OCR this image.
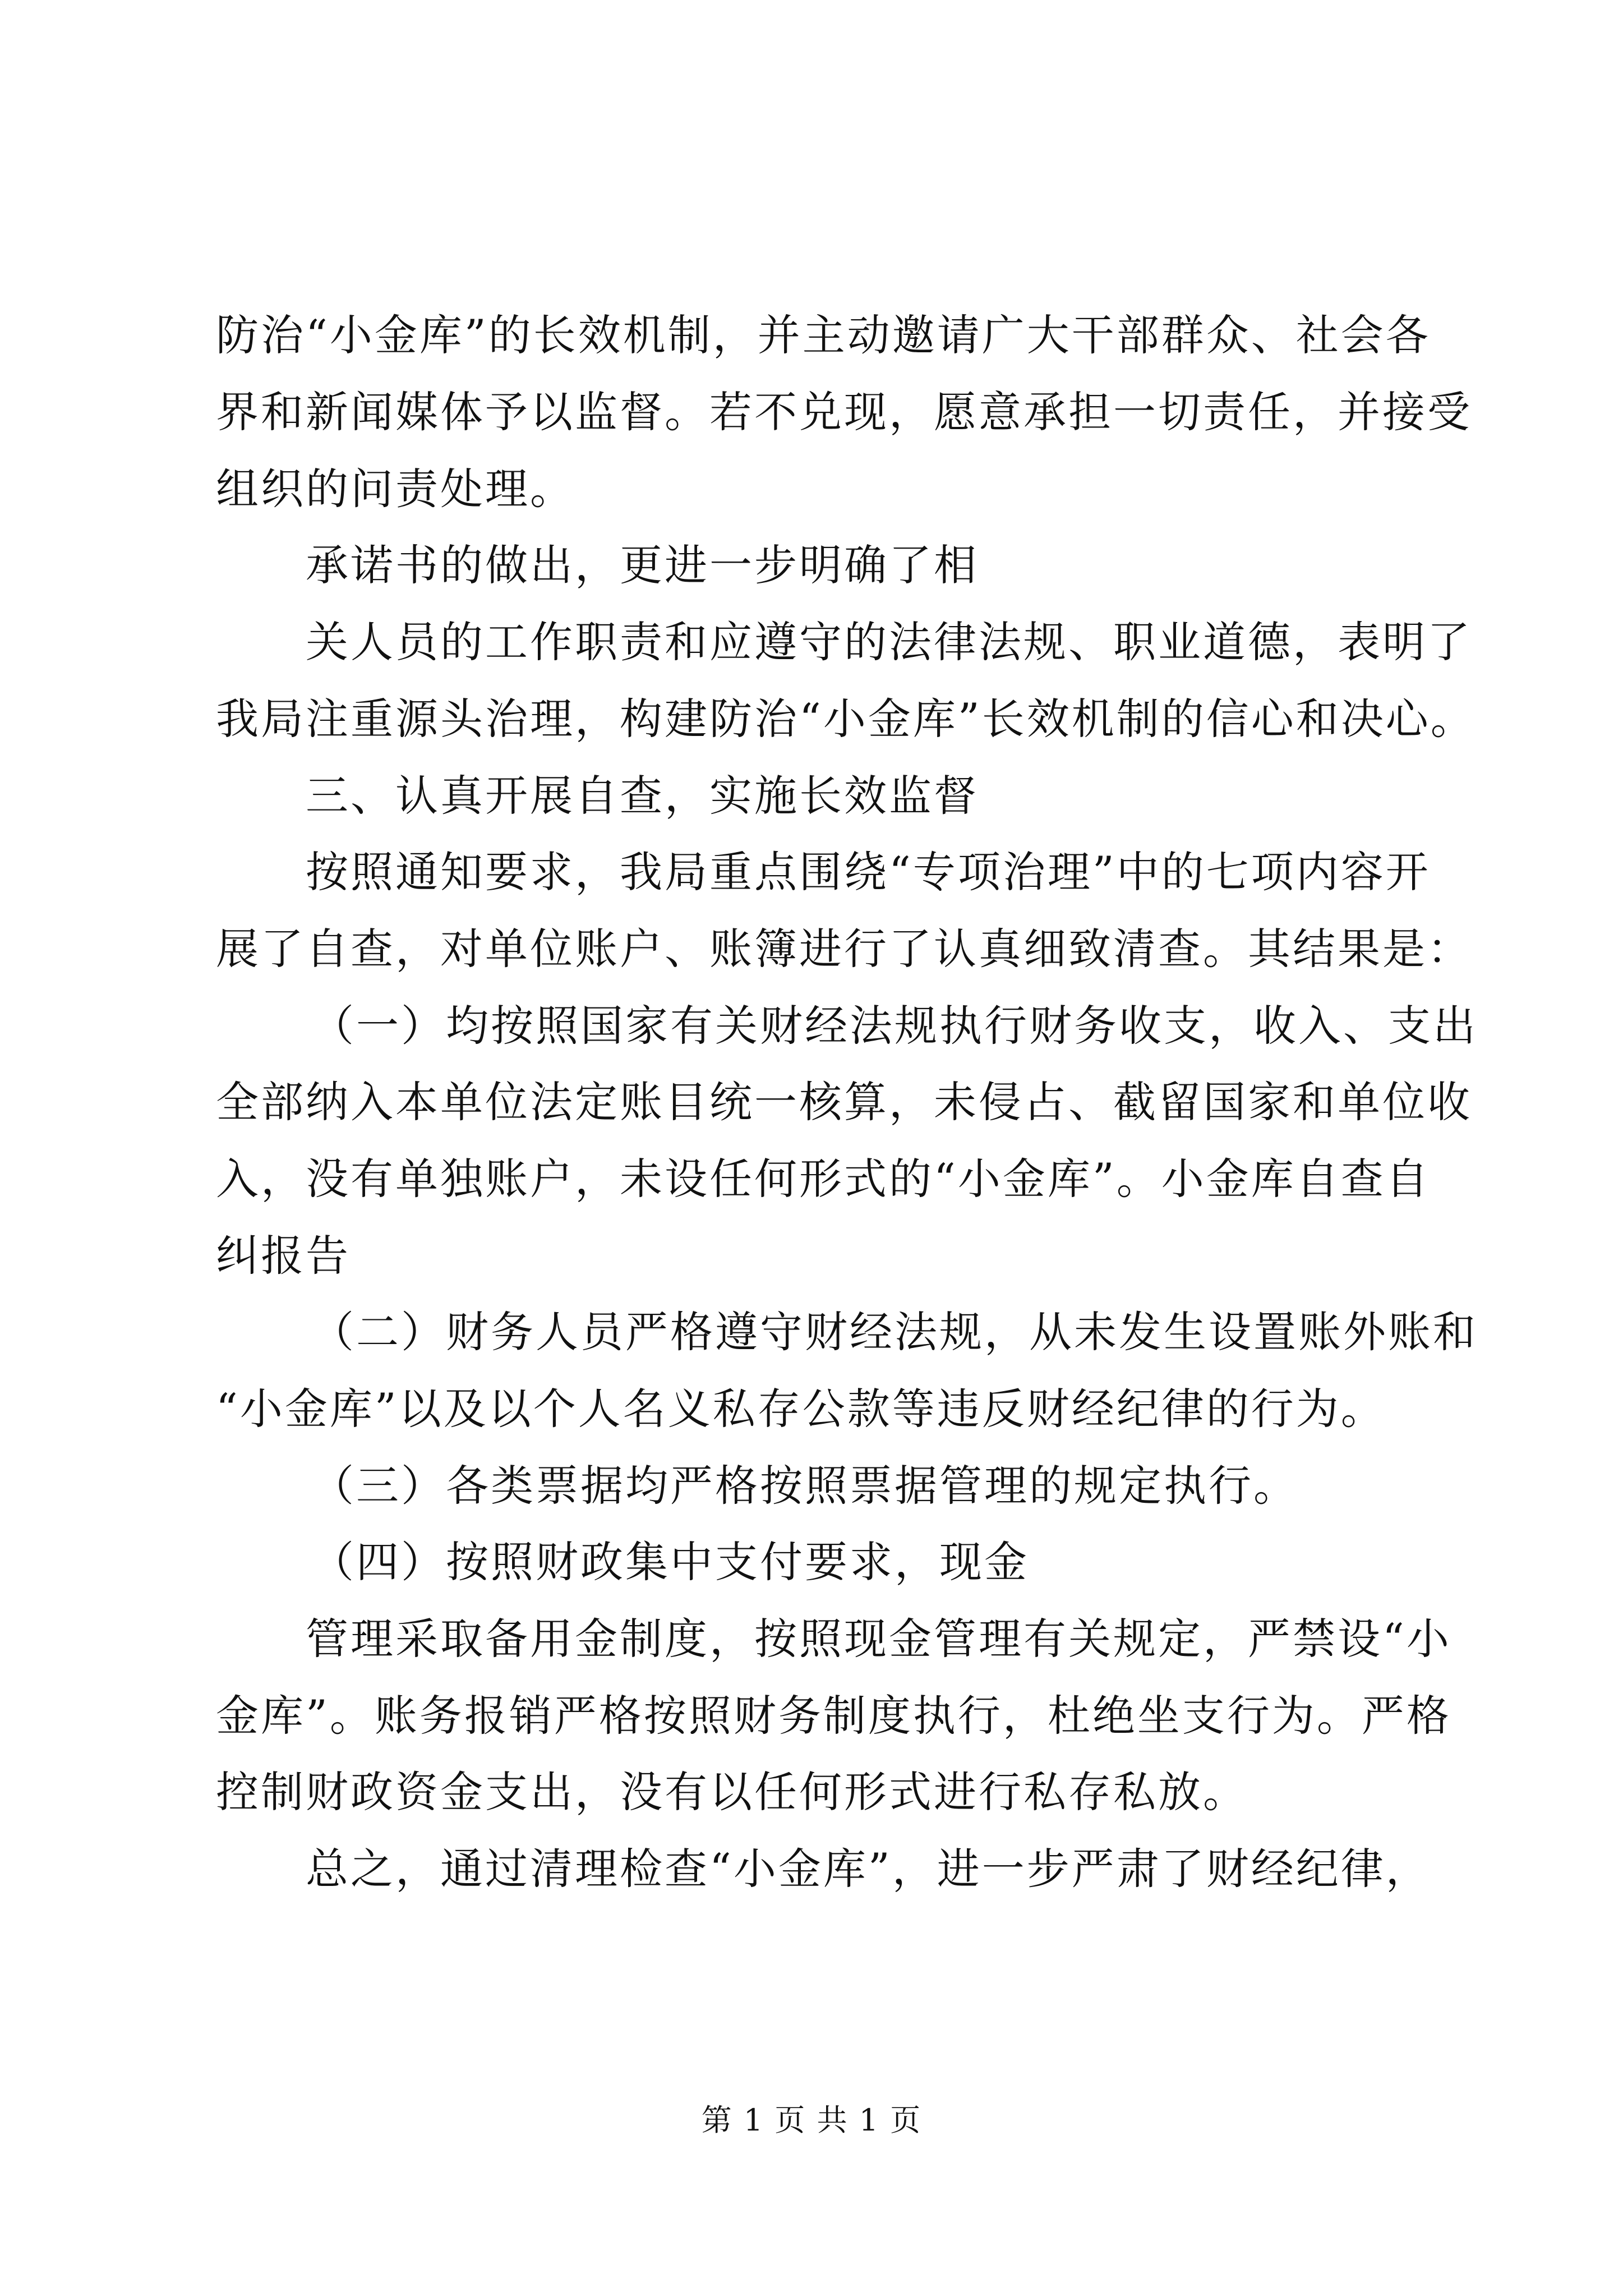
防治“小金库”的长效机制，并主动邀请广大干部群众、社会各
界和新闻媒体予以监督。若不兑现，愿意承担一切责任，并接受
组织的问责处理。
承诺书的做出，更进一步明确了相
关人员的工作职责和应遵守的法律法规、职业道德，表明了
我局注重源头治理，构建防治“小金库”长效机制的信心和决心。
三、认真开展自查，实施长效监督
按照通知要求，我局重点围绕“专项治理”中的七项内容开
展了自查，对单位账户、账簿进行了认真细致清查。其结果是：
（一）均按照国家有关财经法规执行财务收支，收入、支出
全部纳入本单位法定账目统一核算，未侵占、截留国家和单位收
入，没有单独账户，未设任何形式的“小金库”。小金库自查自
纠报告
（二）财务人员严格遵守财经法规，从未发生设置账外账和
“小金库”以及以个人名义私存公款等违反财经纪律的行为。
（三）各类票据均严格按照票据管理的规定执行。
（四）按照财政集中支付要求，现金
管理采取备用金制度，按照现金管理有关规定，严禁设“小
金库”。账务报销严格按照财务制度执行，杜绝坐支行为。严格
控制财政资金支出，没有以任何形式进行私存私放。
总之，通过清理检查“小金库”，进一步严肃了财经纪律，
第 1 页 共 1 页
